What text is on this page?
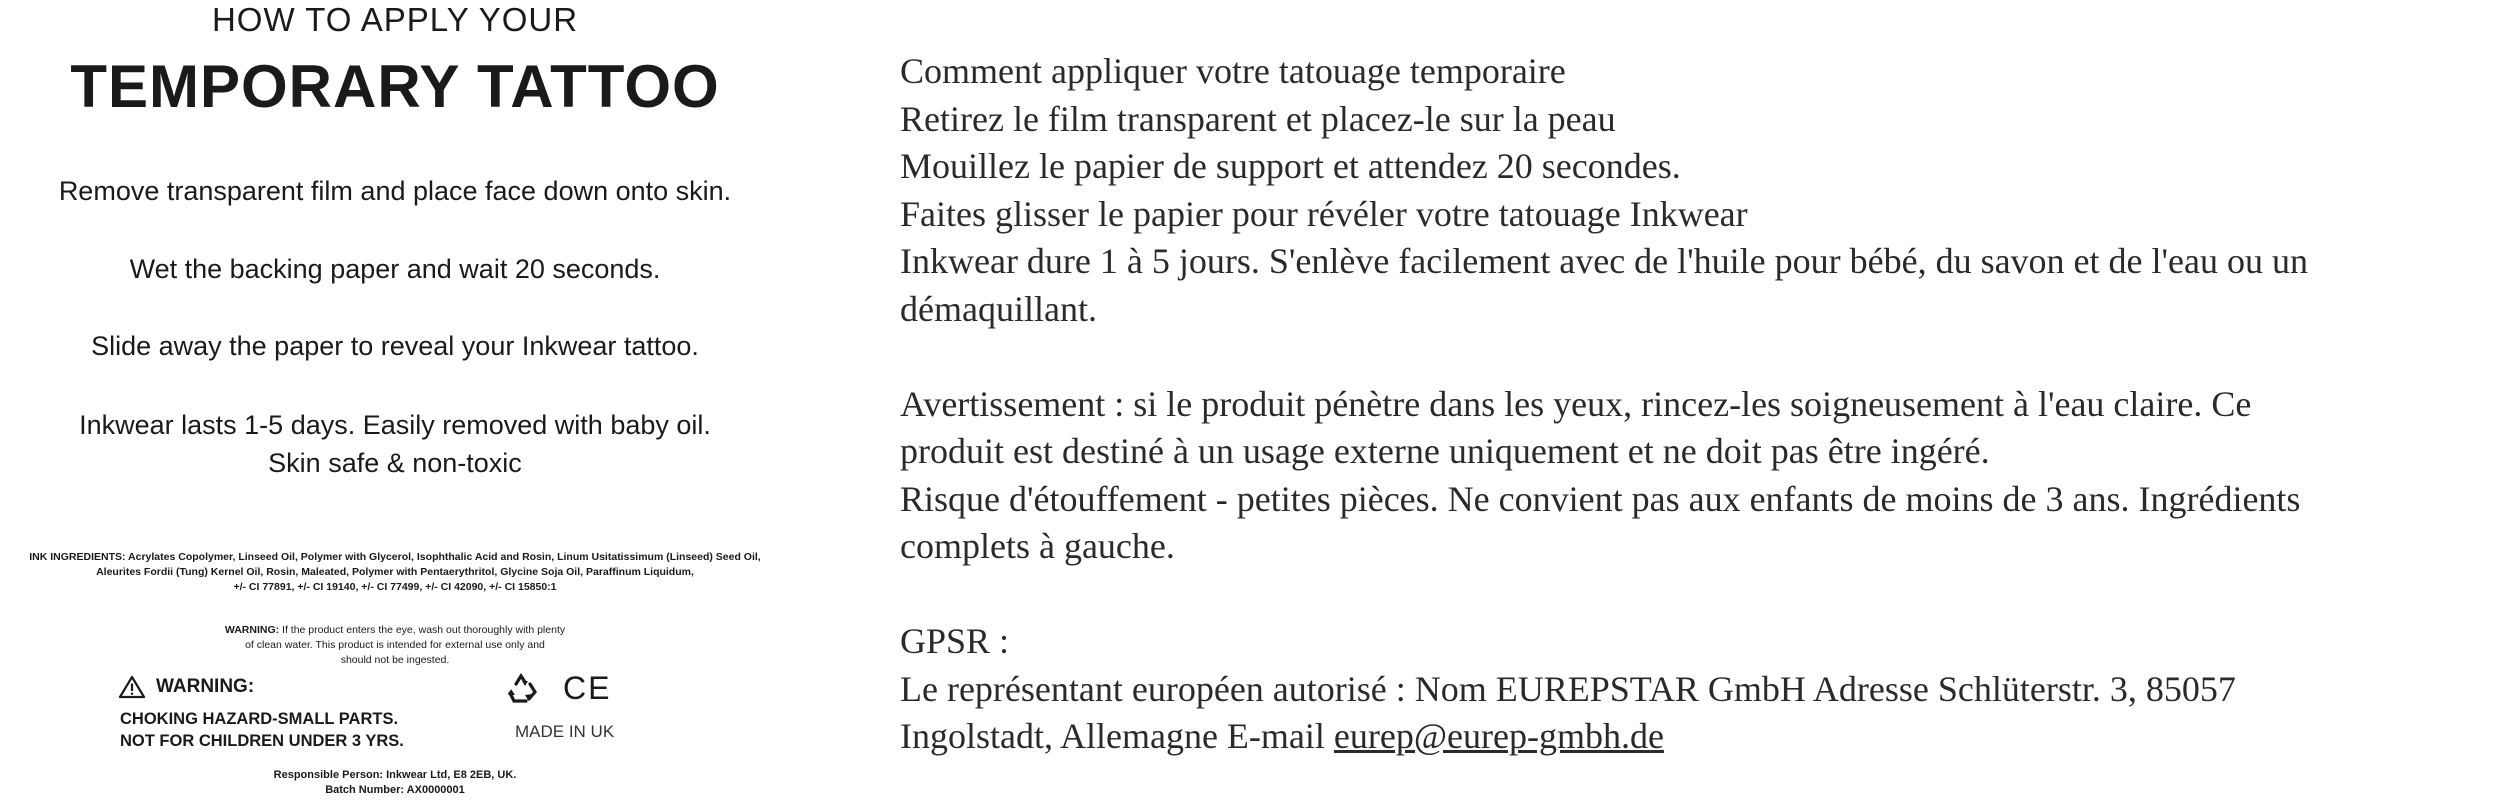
HOW TO APPLY YOUR
TEMPORARY TATTOO
Remove transparent film and place face down onto skin.
Wet the backing paper and wait 20 seconds.
Slide away the paper to reveal your Inkwear tattoo.
Inkwear lasts 1-5 days. Easily removed with baby oil.
Skin safe & non-toxic
INK INGREDIENTS: Acrylates Copolymer, Linseed Oil, Polymer with Glycerol, Isophthalic Acid and Rosin, Linum Usitatissimum (Linseed) Seed Oil,
Aleurites Fordii (Tung) Kernel Oil, Rosin, Maleated, Polymer with Pentaerythritol, Glycine Soja Oil, Paraffinum Liquidum,
+/- CI 77891, +/- CI 19140, +/- CI 77499, +/- CI 42090, +/- CI 15850:1
WARNING: If the product enters the eye, wash out thoroughly with plenty
of clean water. This product is intended for external use only and
should not be ingested.
WARNING:
CHOKING HAZARD-SMALL PARTS.
NOT FOR CHILDREN UNDER 3 YRS.
CE
MADE IN UK
Responsible Person: Inkwear Ltd, E8 2EB, UK.
Batch Number: AX0000001

Comment appliquer votre tatouage temporaire

Retirez le film transparent et placez-le sur la peau

Mouillez le papier de support et attendez 20 secondes.

Faites glisser le papier pour révéler votre tatouage Inkwear

Inkwear dure 1 à 5 jours. S'enlève facilement avec de l'huile pour bébé, du savon et de l'eau ou un

démaquillant.

Avertissement : si le produit pénètre dans les yeux, rincez-les soigneusement à l'eau claire. Ce

produit est destiné à un usage externe uniquement et ne doit pas être ingéré.

Risque d'étouffement - petites pièces. Ne convient pas aux enfants de moins de 3 ans. Ingrédients

complets à gauche.

GPSR :

Le représentant européen autorisé : Nom EUREPSTAR GmbH Adresse Schlüterstr. 3, 85057

Ingolstadt, Allemagne E-mail eurep@eurep-gmbh.de
